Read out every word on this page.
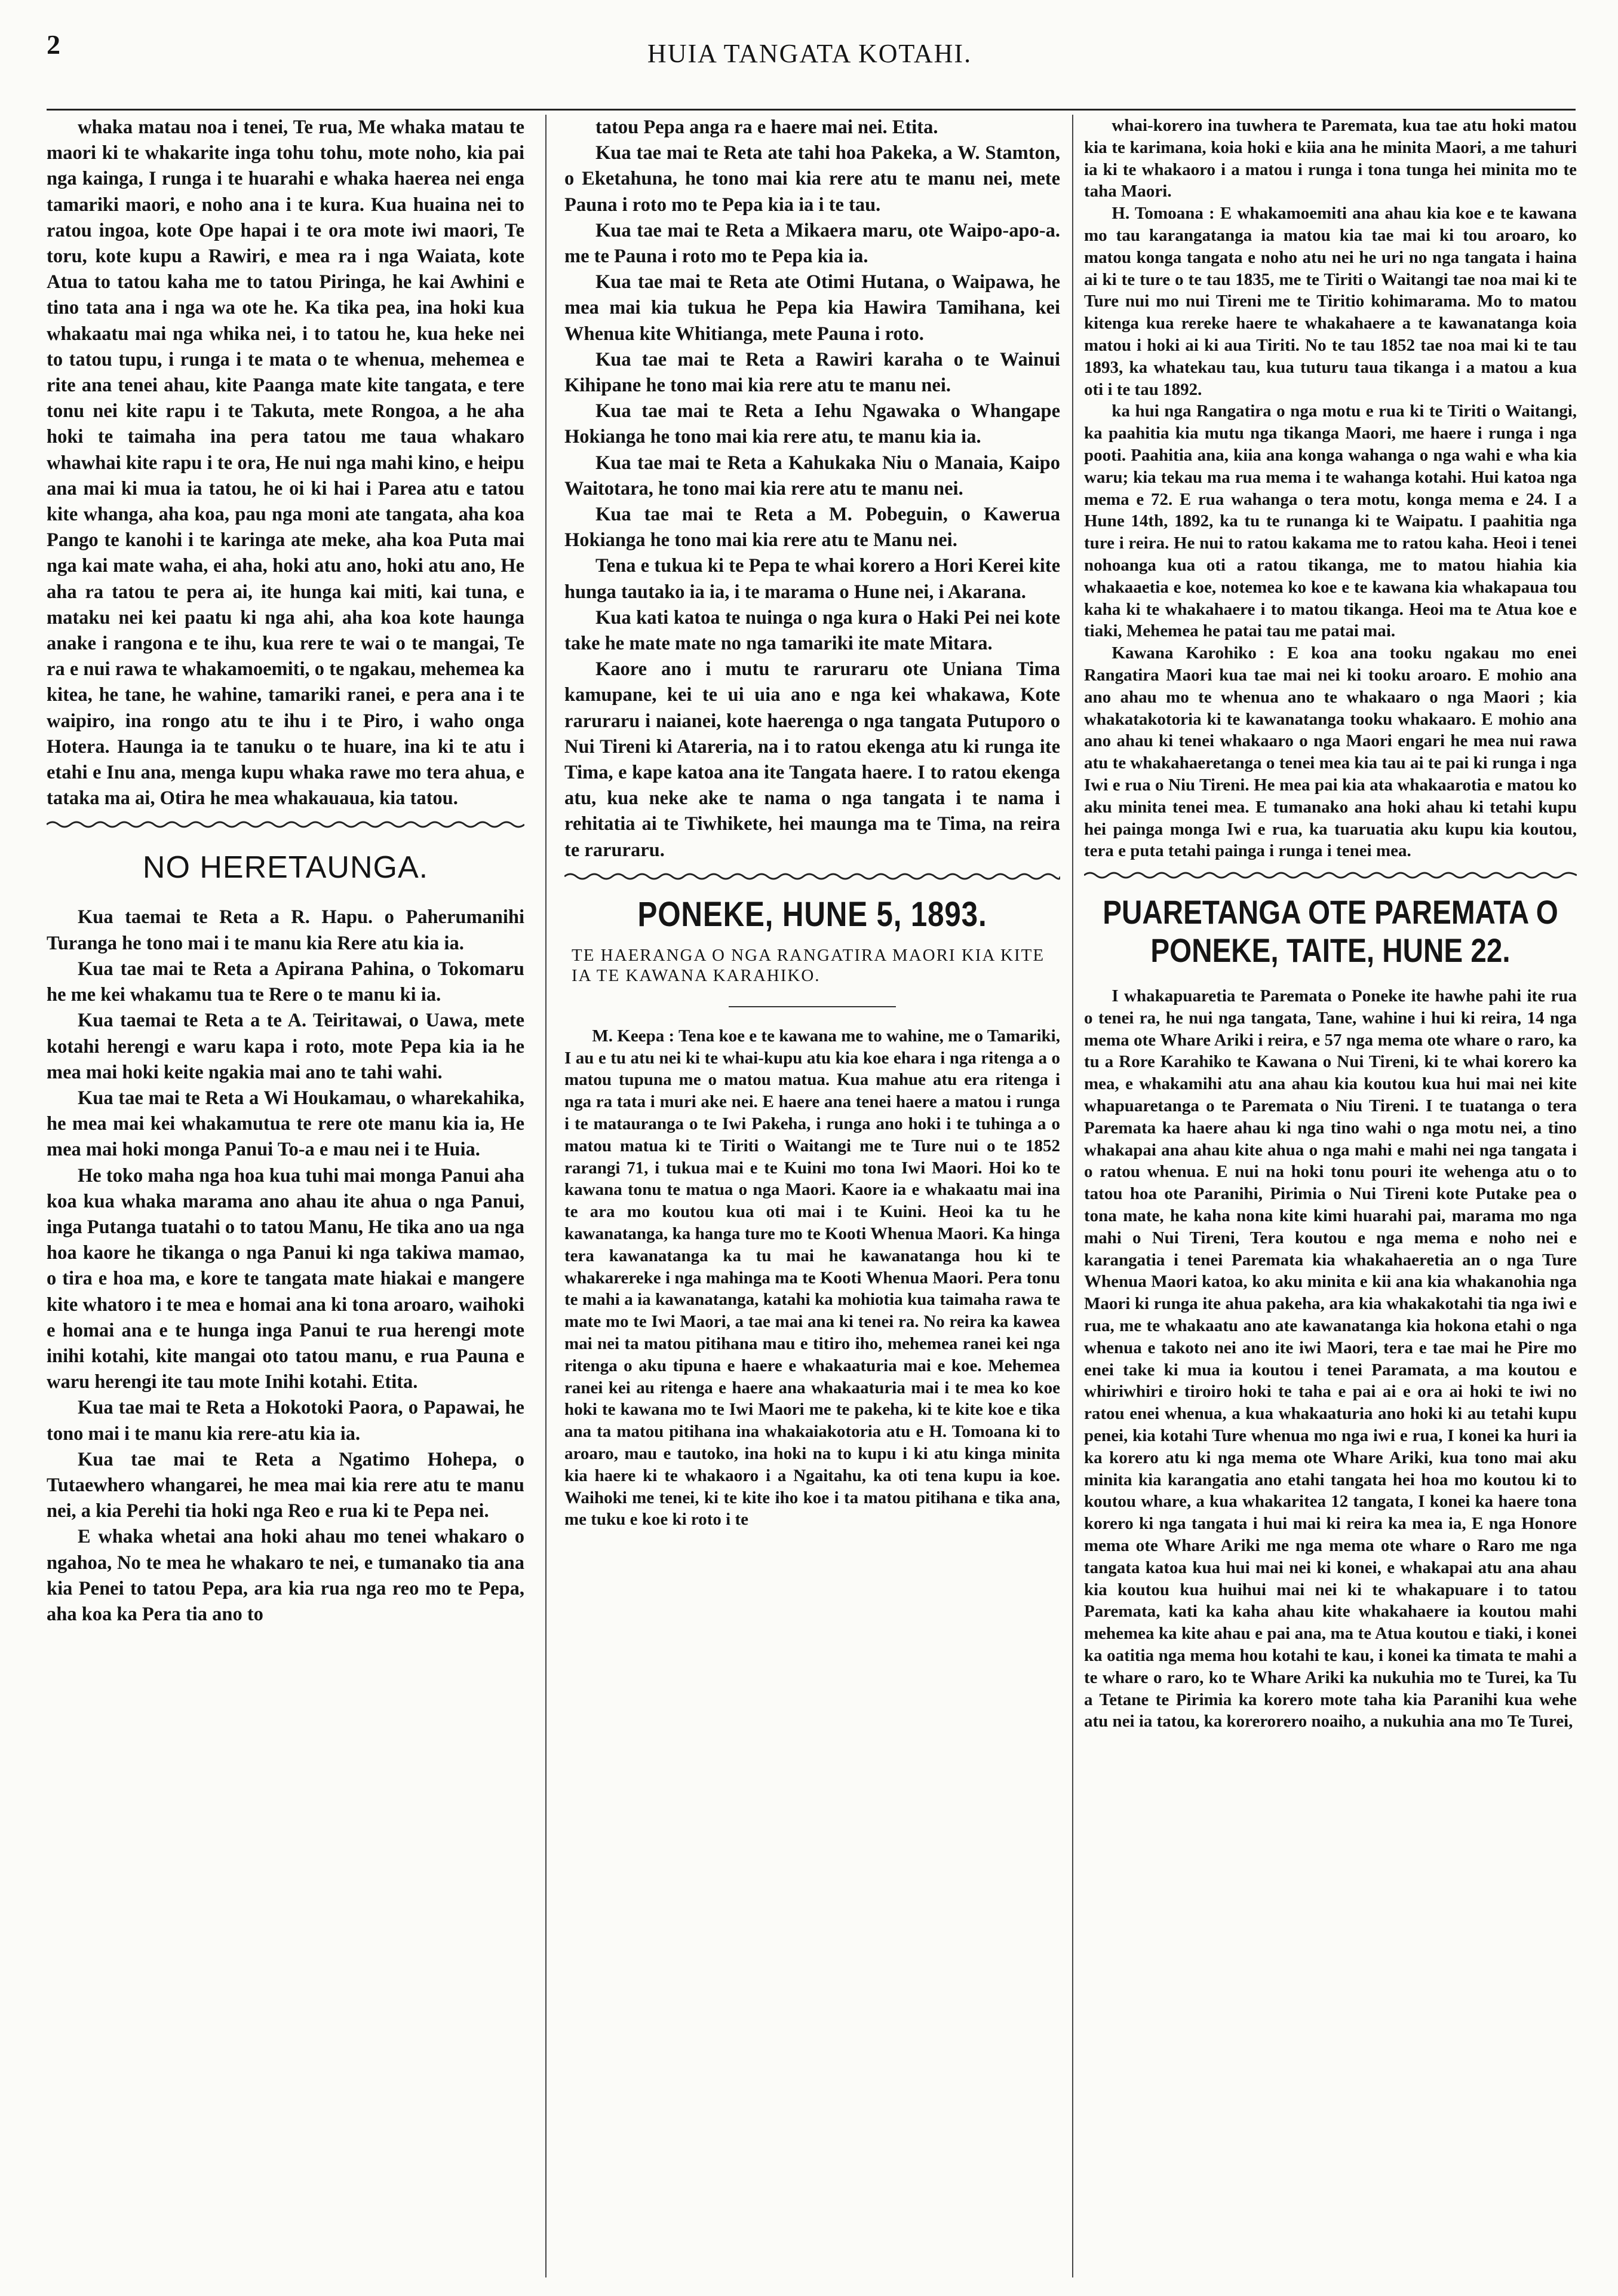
2	HUIA TANGATA KOTAHI.

whaka matau noa i tenei, Te rua, Me whaka matau te maori ki te whakarite inga tohu tohu, mote noho, kia pai nga kainga, I runga i te huarahi e whaka haerea nei enga tamariki maori, e noho ana i te kura. Kua huaina nei to ratou ingoa, kote Ope hapai i te ora mote iwi maori, Te toru, kote kupu a Rawiri, e mea ra i nga Waiata, kote Atua to tatou kaha me to tatou Piringa, he kai Awhini e tino tata ana i nga wa ote he. Ka tika pea, ina hoki kua whakaatu mai nga whika nei, i to tatou he, kua heke nei to tatou tupu, i runga i te mata o te whenua, mehemea e rite ana tenei ahau, kite Paanga mate kite tangata, e tere tonu nei kite rapu i te Takuta, mete Rongoa, a he aha hoki te taimaha ina pera tatou me taua whakaro whawhai kite rapu i te ora, He nui nga mahi kino, e heipu ana mai ki mua ia tatou, he oi ki hai i Parea atu e tatou kite whanga, aha koa, pau nga moni ate tangata, aha koa Pango te kanohi i te karinga ate meke, aha koa Puta mai nga kai mate waha, ei aha, hoki atu ano, hoki atu ano, He aha ra tatou te pera ai, ite hunga kai miti, kai tuna, e mataku nei kei paatu ki nga ahi, aha koa kote haunga anake i rangona e te ihu, kua rere te wai o te mangai, Te ra e nui rawa te whakamoemiti, o te ngakau, mehemea ka kitea, he tane, he wahine, tamariki ranei, e pera ana i te waipiro, ina rongo atu te ihu i te Piro, i waho onga Hotera. Haunga ia te tanuku o te huare, ina ki te atu i etahi e Inu ana, menga kupu whaka rawe mo tera ahua, e tataka ma ai, Otira he mea whakauaua, kia tatou.

NO HERETAUNGA.

Kua taemai te Reta a R. Hapu. o Paherumanihi Turanga he tono mai i te manu kia Rere atu kia ia.

Kua tae mai te Reta a Apirana Pahina, o Tokomaru he me kei whakamu tua te Rere o te manu ki ia.

Kua taemai te Reta a te A. Teiritawai, o Uawa, mete kotahi herengi e waru kapa i roto, mote Pepa kia ia he mea mai hoki keite ngakia mai ano te tahi wahi.

Kua tae mai te Reta a Wi Houkamau, o wharekahika, he mea mai kei whakamutua te rere ote manu kia ia, He mea mai hoki monga Panui To-a e mau nei i te Huia.

He toko maha nga hoa kua tuhi mai monga Panui aha koa kua whaka marama ano ahau ite ahua o nga Panui, inga Putanga tuatahi o to tatou Manu, He tika ano ua nga hoa kaore he tikanga o nga Panui ki nga takiwa mamao, o tira e hoa ma, e kore te tangata mate hiakai e mangere kite whatoro i te mea e homai ana ki tona aroaro, waihoki e homai ana e te hunga inga Panui te rua herengi mote inihi kotahi, kite mangai oto tatou manu, e rua Pauna e waru herengi ite tau mote Inihi kotahi. Etita.

Kua tae mai te Reta a Hokotoki Paora, o Papawai, he tono mai i te manu kia rere-atu kia ia.

Kua tae mai te Reta a Ngatimo Hohepa, o Tutaewhero whangarei, he mea mai kia rere atu te manu nei, a kia Perehi tia hoki nga Reo e rua ki te Pepa nei.

E whaka whetai ana hoki ahau mo tenei whakaro o ngahoa, No te mea he whakaro te nei, e tumanako tia ana kia Penei to tatou Pepa, ara kia rua nga reo mo te Pepa, aha koa ka Pera tia ano to

tatou Pepa anga ra e haere mai nei. Etita.

Kua tae mai te Reta ate tahi hoa Pakeka, a W. Stamton, o Eketahuna, he tono mai kia rere atu te manu nei, mete Pauna i roto mo te Pepa kia ia i te tau.

Kua tae mai te Reta a Mikaera maru, ote Waipo-apo-a. me te Pauna i roto mo te Pepa kia ia.

Kua tae mai te Reta ate Otimi Hutana, o Waipawa, he mea mai kia tukua he Pepa kia Hawira Tamihana, kei Whenua kite Whitianga, mete Pauna i roto.

Kua tae mai te Reta a Rawiri karaha o te Wainui Kihipane he tono mai kia rere atu te manu nei.

Kua tae mai te Reta a Iehu Ngawaka o Whangape Hokianga he tono mai kia rere atu, te manu kia ia.

Kua tae mai te Reta a Kahukaka Niu o Manaia, Kaipo Waitotara, he tono mai kia rere atu te manu nei.

Kua tae mai te Reta a M. Pobeguin, o Kawerua Hokianga he tono mai kia rere atu te Manu nei.

Tena e tukua ki te Pepa te whai korero a Hori Kerei kite hunga tautako ia ia, i te marama o Hune nei, i Akarana.

Kua kati katoa te nuinga o nga kura o Haki Pei nei kote take he mate mate no nga tamariki ite mate Mitara.

Kaore ano i mutu te raruraru ote Uniana Tima kamupane, kei te ui uia ano e nga kei whakawa, Kote raruraru i naianei, kote haerenga o nga tangata Putuporo o Nui Tireni ki Atareria, na i to ratou ekenga atu ki runga ite Tima, e kape katoa ana ite Tangata haere. I to ratou ekenga atu, kua neke ake te nama o nga tangata i te nama i rehitatia ai te Tiwhikete, hei maunga ma te Tima, na reira te raruraru.

PONEKE, HUNE 5, 1893.
TE HAERANGA O NGA RANGATIRA MAORI KIA KITE IA TE KAWANA KARAHIKO.

M. Keepa : Tena koe e te kawana me to wahine, me o Tamariki, I au e tu atu nei ki te whai-kupu atu kia koe ehara i nga ritenga a o matou tupuna me o matou matua. Kua mahue atu era ritenga i nga ra tata i muri ake nei. E haere ana tenei haere a matou i runga i te matauranga o te Iwi Pakeha, i runga ano hoki i te tuhinga a o matou matua ki te Tiriti o Waitangi me te Ture nui o te 1852 rarangi 71, i tukua mai e te Kuini mo tona Iwi Maori. Hoi ko te kawana tonu te matua o nga Maori. Kaore ia e whakaatu mai ina te ara mo koutou kua oti mai i te Kuini. Heoi ka tu he kawanatanga, ka hanga ture mo te Kooti Whenua Maori. Ka hinga tera kawanatanga ka tu mai he kawanatanga hou ki te whakarereke i nga mahinga ma te Kooti Whenua Maori. Pera tonu te mahi a ia kawanatanga, katahi ka mohiotia kua taimaha rawa te mate mo te Iwi Maori, a tae mai ana ki tenei ra. No reira ka kawea mai nei ta matou pitihana mau e titiro iho, mehemea ranei kei nga ritenga o aku tipuna e haere e whakaaturia mai e koe. Mehemea ranei kei au ritenga e haere ana whakaaturia mai i te mea ko koe hoki te kawana mo te Iwi Maori me te pakeha, ki te kite koe e tika ana ta matou pitihana ina whakaiakotoria atu e H. Tomoana ki to aroaro, mau e tautoko, ina hoki na to kupu i ki atu kinga minita kia haere ki te whakaoro i a Ngaitahu, ka oti tena kupu ia koe. Waihoki me tenei, ki te kite iho koe i ta matou pitihana e tika ana, me tuku e koe ki roto i te

whai-korero ina tuwhera te Paremata, kua tae atu hoki matou kia te karimana, koia hoki e kiia ana he minita Maori, a me tahuri ia ki te whakaoro i a matou i runga i tona tunga hei minita mo te taha Maori.

H. Tomoana : E whakamoemiti ana ahau kia koe e te kawana mo tau karangatanga ia matou kia tae mai ki tou aroaro, ko matou konga tangata e noho atu nei he uri no nga tangata i haina ai ki te ture o te tau 1835, me te Tiriti o Waitangi tae noa mai ki te Ture nui mo nui Tireni me te Tiritio kohimarama. Mo to matou kitenga kua rereke haere te whakahaere a te kawanatanga koia matou i hoki ai ki aua Tiriti. No te tau 1852 tae noa mai ki te tau 1893, ka whatekau tau, kua tuturu taua tikanga i a matou a kua oti i te tau 1892.

ka hui nga Rangatira o nga motu e rua ki te Tiriti o Waitangi, ka paahitia kia mutu nga tikanga Maori, me haere i runga i nga pooti. Paahitia ana, kiia ana konga wahanga o nga wahi e wha kia waru; kia tekau ma rua mema i te wahanga kotahi. Hui katoa nga mema e 72. E rua wahanga o tera motu, konga mema e 24. I a Hune 14th, 1892, ka tu te runanga ki te Waipatu. I paahitia nga ture i reira. He nui to ratou kakama me to ratou kaha. Heoi i tenei nohoanga kua oti a ratou tikanga, me to matou hiahia kia whakaaetia e koe, notemea ko koe e te kawana kia whakapaua tou kaha ki te whakahaere i to matou tikanga. Heoi ma te Atua koe e tiaki, Mehemea he patai tau me patai mai.

Kawana Karohiko : E koa ana tooku ngakau mo enei Rangatira Maori kua tae mai nei ki tooku aroaro. E mohio ana ano ahau mo te whenua ano te whakaaro o nga Maori ; kia whakatakotoria ki te kawanatanga tooku whakaaro. E mohio ana ano ahau ki tenei whakaaro o nga Maori engari he mea nui rawa atu te whakahaeretanga o tenei mea kia tau ai te pai ki runga i nga Iwi e rua o Niu Tireni. He mea pai kia ata whakaarotia e matou ko aku minita tenei mea. E tumanako ana hoki ahau ki tetahi kupu hei painga monga Iwi e rua, ka tuaruatia aku kupu kia koutou, tera e puta tetahi painga i runga i tenei mea.

PUARETANGA OTE PAREMATA O PONEKE, TAITE, HUNE 22.

I whakapuaretia te Paremata o Poneke ite hawhe pahi ite rua o tenei ra, he nui nga tangata, Tane, wahine i hui ki reira, 14 nga mema ote Whare Ariki i reira, e 57 nga mema ote whare o raro, ka tu a Rore Karahiko te Kawana o Nui Tireni, ki te whai korero ka mea, e whakamihi atu ana ahau kia koutou kua hui mai nei kite whapuaretanga o te Paremata o Niu Tireni. I te tuatanga o tera Paremata ka haere ahau ki nga tino wahi o nga motu nei, a tino whakapai ana ahau kite ahua o nga mahi e mahi nei nga tangata i o ratou whenua. E nui na hoki tonu pouri ite wehenga atu o to tatou hoa ote Paranihi, Pirimia o Nui Tireni kote Putake pea o tona mate, he kaha nona kite kimi huarahi pai, marama mo nga mahi o Nui Tireni, Tera koutou e nga mema e noho nei e karangatia i tenei Paremata kia whakahaeretia an o nga Ture Whenua Maori katoa, ko aku minita e kii ana kia whakanohia nga Maori ki runga ite ahua pakeha, ara kia whakakotahi tia nga iwi e rua, me te whakaatu ano ate kawanatanga kia hokona etahi o nga whenua e takoto nei ano ite iwi Maori, tera e tae mai he Pire mo enei take ki mua ia koutou i tenei Paramata, a ma koutou e whiriwhiri e tiroiro hoki te taha e pai ai e ora ai hoki te iwi no ratou enei whenua, a kua whakaaturia ano hoki ki au tetahi kupu penei, kia kotahi Ture whenua mo nga iwi e rua, I konei ka huri ia ka korero atu ki nga mema ote Whare Ariki, kua tono mai aku minita kia karangatia ano etahi tangata hei hoa mo koutou ki to koutou whare, a kua whakaritea 12 tangata, I konei ka haere tona korero ki nga tangata i hui mai ki reira ka mea ia, E nga Honore mema ote Whare Ariki me nga mema ote whare o Raro me nga tangata katoa kua hui mai nei ki konei, e whakapai atu ana ahau kia koutou kua huihui mai nei ki te whakapuare i to tatou Paremata, kati ka kaha ahau kite whakahaere ia koutou mahi mehemea ka kite ahau e pai ana, ma te Atua koutou e tiaki, i konei ka oatitia nga mema hou kotahi te kau, i konei ka timata te mahi a te whare o raro, ko te Whare Ariki ka nukuhia mo te Turei, ka Tu a Tetane te Pirimia ka korero mote taha kia Paranihi kua wehe atu nei ia tatou, ka korerorero noaiho, a nukuhia ana mo Te Turei,
